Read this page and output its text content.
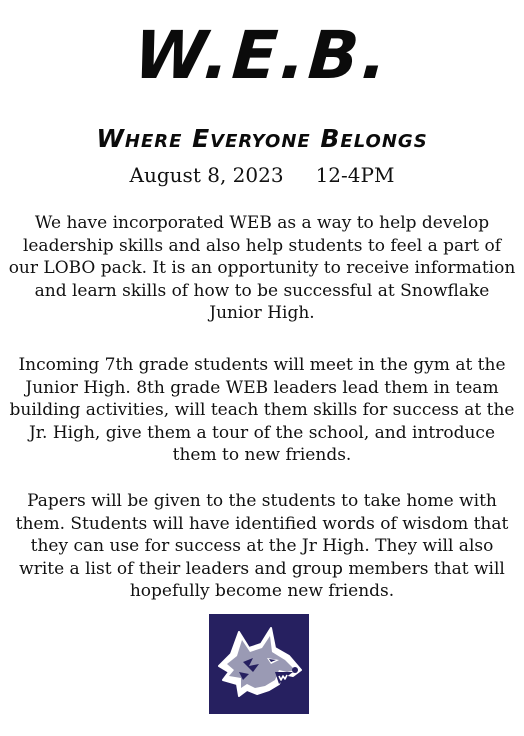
W.E.B.
Where Everyone Belongs
August 8, 2023 12-4PM

We have incorporated WEB as a way to help develop leadership skills and also help students to feel a part of our LOBO pack. It is an opportunity to receive information and learn skills of how to be successful at Snowflake Junior High.

Incoming 7th grade students will meet in the gym at the Junior High. 8th grade WEB leaders lead them in team building activities, will teach them skills for success at the Jr. High, give them a tour of the school, and introduce them to new friends.

Papers will be given to the students to take home with them. Students will have identified words of wisdom that they can use for success at the Jr High. They will also write a list of their leaders and group members that will hopefully become new friends.
